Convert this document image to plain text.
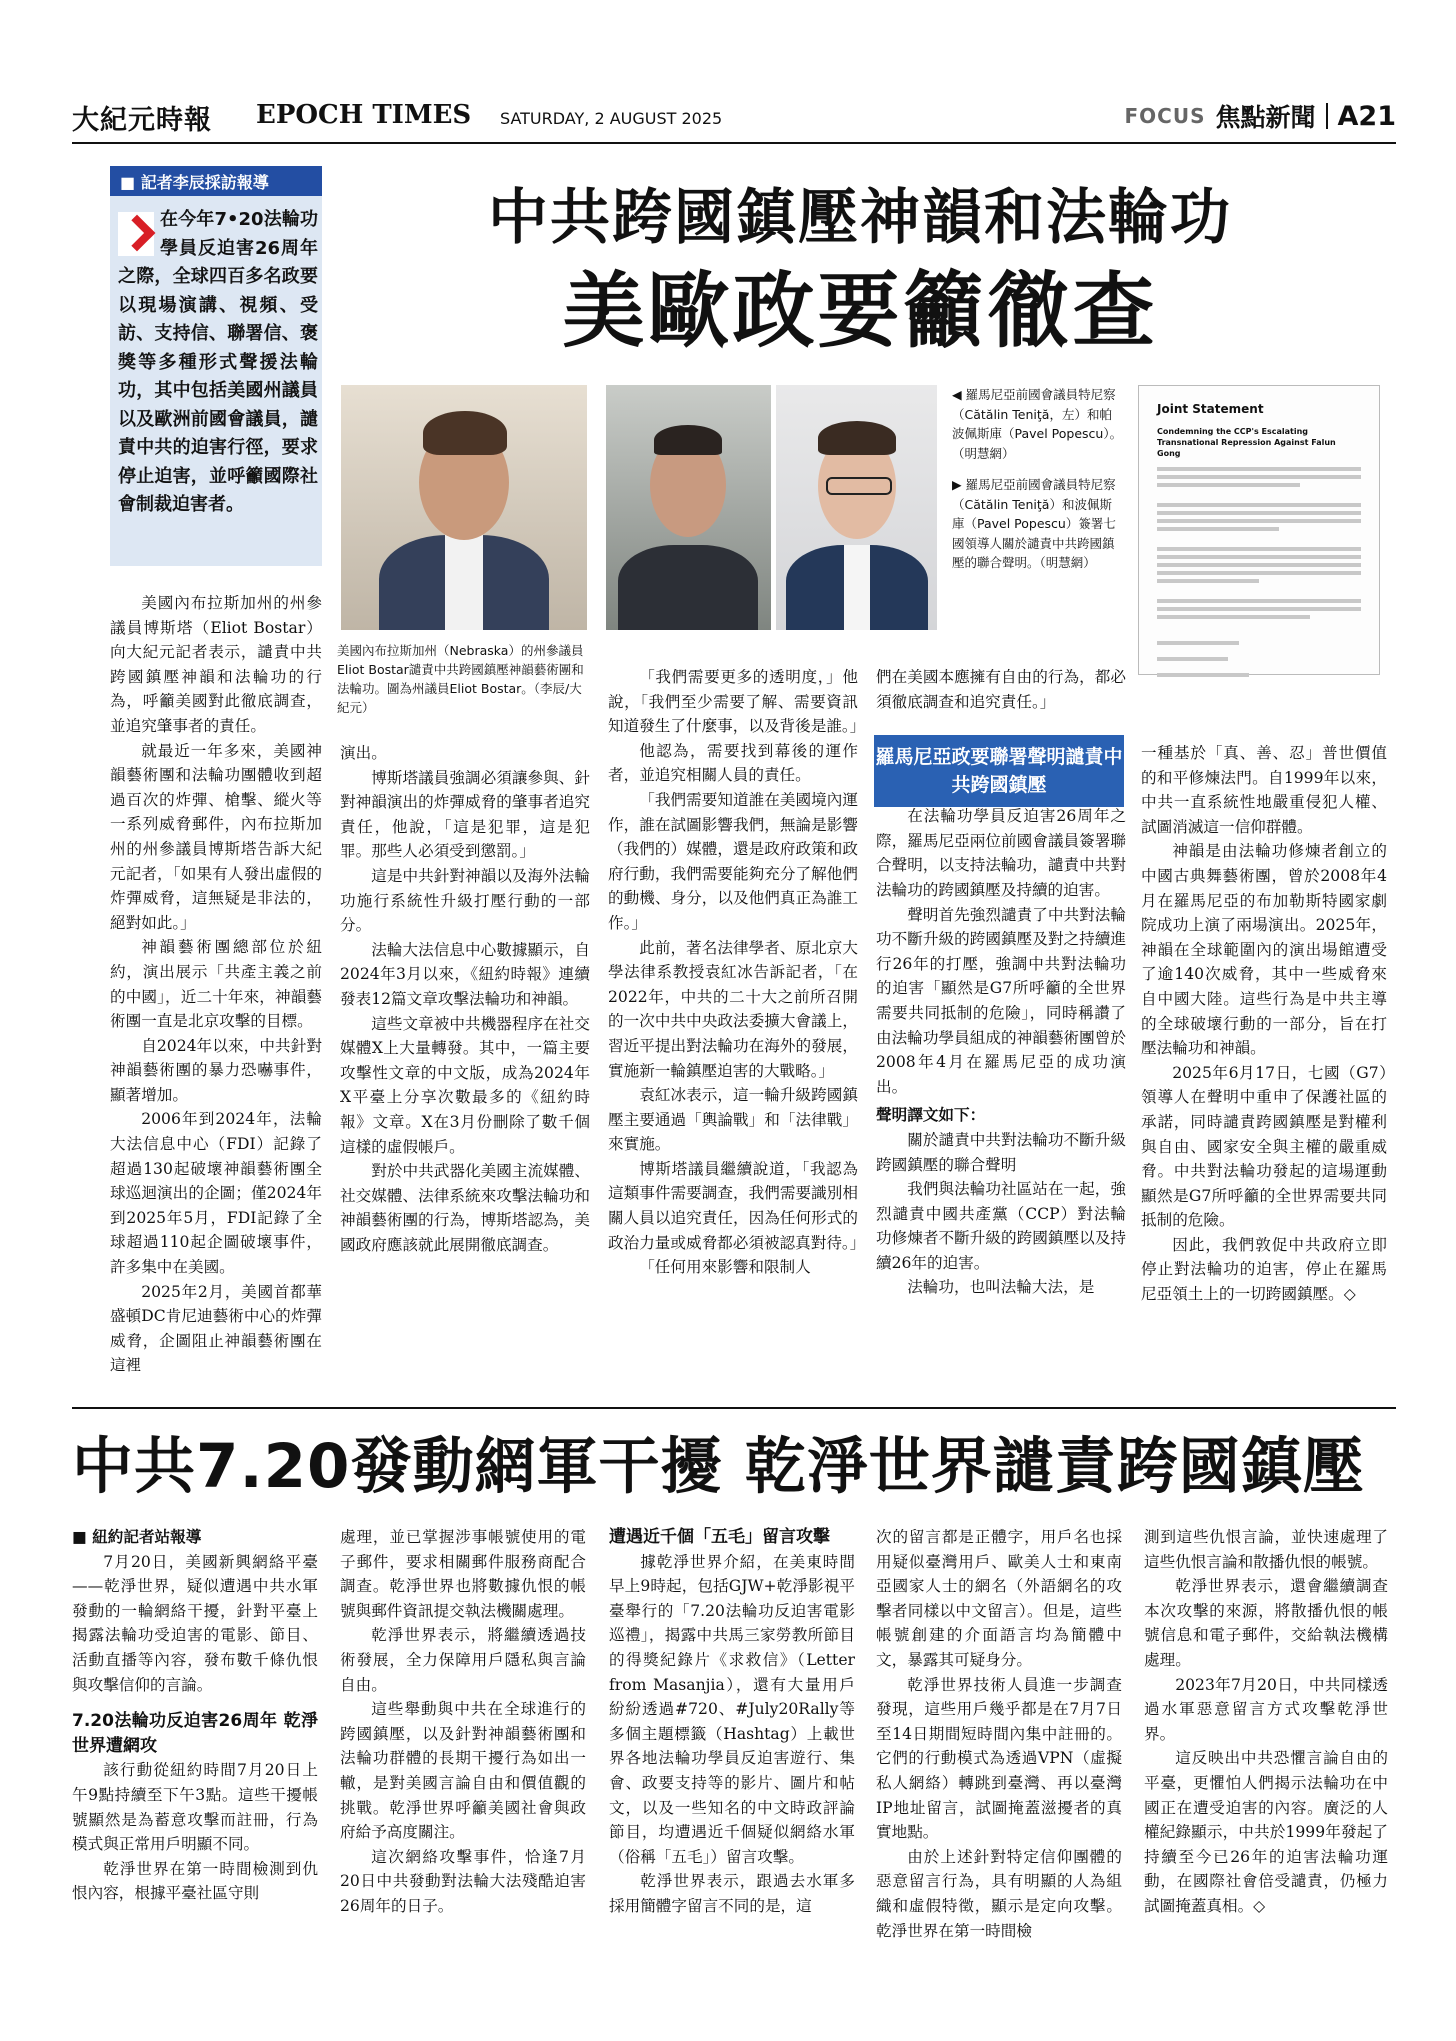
大紀元時報 EPOCH TIMES SATURDAY, 2 AUGUST 2025	FOCUS 焦點新聞 A21
■ 記者李辰採訪報導
在今年7•20法輪功學員反迫害26周年之際，全球四百多名政要以現場演講、視頻、受訪、支持信、聯署信、褒獎等多種形式聲援法輪功，其中包括美國州議員以及歐洲前國會議員，譴責中共的迫害行徑，要求停止迫害，並呼籲國際社會制裁迫害者。
中共跨國鎮壓神韻和法輪功
美歐政要籲徹查
Joint Statement
Condemning the CCP's Escalating Transnational Repression Against Falun Gong
美國內布拉斯加州（Nebraska）的州參議員Eliot Bostar譴責中共跨國鎮壓神韻藝術團和法輪功。圖為州議員Eliot Bostar。（李辰/大紀元）
◀ 羅馬尼亞前國會議員特尼察（Cătălin Teniţă，左）和帕波佩斯庫（Pavel Popescu）。（明慧網）
▶ 羅馬尼亞前國會議員特尼察（Cătălin Teniţă）和波佩斯庫（Pavel Popescu）簽署七國領導人關於譴責中共跨國鎮壓的聯合聲明。（明慧網）

美國內布拉斯加州的州參議員博斯塔（Eliot Bostar）向大紀元記者表示，譴責中共跨國鎮壓神韻和法輪功的行為，呼籲美國對此徹底調查，並追究肇事者的責任。

就最近一年多來，美國神韻藝術團和法輪功團體收到超過百次的炸彈、槍擊、縱火等一系列威脅郵件，內布拉斯加州的州參議員博斯塔告訴大紀元記者，「如果有人發出虛假的炸彈威脅，這無疑是非法的，絕對如此。」

神韻藝術團總部位於紐約，演出展示「共產主義之前的中國」，近二十年來，神韻藝術團一直是北京攻擊的目標。

自2024年以來，中共針對神韻藝術團的暴力恐嚇事件，顯著增加。

2006年到2024年，法輪大法信息中心（FDI）記錄了超過130起破壞神韻藝術團全球巡迴演出的企圖；僅2024年到2025年5月，FDI記錄了全球超過110起企圖破壞事件，許多集中在美國。

2025年2月，美國首都華盛頓DC肯尼迪藝術中心的炸彈威脅，企圖阻止神韻藝術團在這裡

演出。

博斯塔議員強調必須讓參與、針對神韻演出的炸彈威脅的肇事者追究責任，他說，「這是犯罪，這是犯罪。那些人必須受到懲罰。」

這是中共針對神韻以及海外法輪功施行系統性升級打壓行動的一部分。

法輪大法信息中心數據顯示，自2024年3月以來，《紐約時報》連續發表12篇文章攻擊法輪功和神韻。

這些文章被中共機器程序在社交媒體X上大量轉發。其中，一篇主要攻擊性文章的中文版，成為2024年X平臺上分享次數最多的《紐約時報》文章。X在3月份刪除了數千個這樣的虛假帳戶。

對於中共武器化美國主流媒體、社交媒體、法律系統來攻擊法輪功和神韻藝術團的行為，博斯塔認為，美國政府應該就此展開徹底調查。

「我們需要更多的透明度，」他說，「我們至少需要了解、需要資訊知道發生了什麼事，以及背後是誰。」

他認為，需要找到幕後的運作者，並追究相關人員的責任。

「我們需要知道誰在美國境內運作，誰在試圖影響我們，無論是影響（我們的）媒體，還是政府政策和政府行動，我們需要能夠充分了解他們的動機、身分，以及他們真正為誰工作。」

此前，著名法律學者、原北京大學法律系教授袁紅冰告訴記者，「在2022年，中共的二十大之前所召開的一次中共中央政法委擴大會議上，習近平提出對法輪功在海外的發展，實施新一輪鎮壓迫害的大戰略。」

袁紅冰表示，這一輪升級跨國鎮壓主要通過「輿論戰」和「法律戰」來實施。

博斯塔議員繼續說道，「我認為這類事件需要調查，我們需要識別相關人員以追究責任，因為任何形式的政治力量或威脅都必須被認真對待。」

「任何用來影響和限制人

們在美國本應擁有自由的行為，都必須徹底調查和追究責任。」

在法輪功學員反迫害26周年之際，羅馬尼亞兩位前國會議員簽署聯合聲明，以支持法輪功，譴責中共對法輪功的跨國鎮壓及持續的迫害。

聲明首先強烈譴責了中共對法輪功不斷升級的跨國鎮壓及對之持續進行26年的打壓，強調中共對法輪功的迫害「顯然是G7所呼籲的全世界需要共同抵制的危險」，同時稱讚了由法輪功學員組成的神韻藝術團曾於2008年4月在羅馬尼亞的成功演出。

聲明譯文如下：

關於譴責中共對法輪功不斷升級跨國鎮壓的聯合聲明

我們與法輪功社區站在一起，強烈譴責中國共產黨（CCP）對法輪功修煉者不斷升級的跨國鎮壓以及持續26年的迫害。

法輪功，也叫法輪大法，是

羅馬尼亞政要聯署聲明譴責中共跨國鎮壓

一種基於「真、善、忍」普世價值的和平修煉法門。自1999年以來，中共一直系統性地嚴重侵犯人權、試圖消滅這一信仰群體。

神韻是由法輪功修煉者創立的中國古典舞藝術團，曾於2008年4月在羅馬尼亞的布加勒斯特國家劇院成功上演了兩場演出。2025年，神韻在全球範圍內的演出場館遭受了逾140次威脅，其中一些威脅來自中國大陸。這些行為是中共主導的全球破壞行動的一部分，旨在打壓法輪功和神韻。

2025年6月17日，七國（G7）領導人在聲明中重申了保護社區的承諾，同時譴責跨國鎮壓是對權利與自由、國家安全與主權的嚴重威脅。中共對法輪功發起的這場運動顯然是G7所呼籲的全世界需要共同抵制的危險。

因此，我們敦促中共政府立即停止對法輪功的迫害，停止在羅馬尼亞領土上的一切跨國鎮壓。◇

中共7.20發動網軍干擾 乾淨世界譴責跨國鎮壓

■ 紐約記者站報導

7月20日，美國新興網絡平臺——乾淨世界，疑似遭遇中共水軍發動的一輪網絡干擾，針對平臺上揭露法輪功受迫害的電影、節目、活動直播等內容，發布數千條仇恨與攻擊信仰的言論。

7.20法輪功反迫害26周年 乾淨世界遭網攻

該行動從紐約時間7月20日上午9點持續至下午3點。這些干擾帳號顯然是為蓄意攻擊而註冊，行為模式與正常用戶明顯不同。

乾淨世界在第一時間檢測到仇恨內容，根據平臺社區守則

處理，並已掌握涉事帳號使用的電子郵件，要求相關郵件服務商配合調查。乾淨世界也將數據仇恨的帳號與郵件資訊提交執法機關處理。

乾淨世界表示，將繼續透過技術發展，全力保障用戶隱私與言論自由。

這些舉動與中共在全球進行的跨國鎮壓，以及針對神韻藝術團和法輪功群體的長期干擾行為如出一轍，是對美國言論自由和價值觀的挑戰。乾淨世界呼籲美國社會與政府給予高度關注。

這次網絡攻擊事件，恰逢7月20日中共發動對法輪大法殘酷迫害26周年的日子。

遭遇近千個「五毛」留言攻擊

據乾淨世界介紹，在美東時間早上9時起，包括GJW+乾淨影視平臺舉行的「7.20法輪功反迫害電影巡禮」，揭露中共馬三家勞教所節目的得獎紀錄片《求救信》（Letter from Masanjia），還有大量用戶紛紛透過#720、#July20Rally等多個主題標籤（Hashtag）上載世界各地法輪功學員反迫害遊行、集會、政要支持等的影片、圖片和帖文，以及一些知名的中文時政評論節目，均遭遇近千個疑似網絡水軍（俗稱「五毛」）留言攻擊。

乾淨世界表示，跟過去水軍多採用簡體字留言不同的是，這

次的留言都是正體字，用戶名也採用疑似臺灣用戶、歐美人士和東南亞國家人士的網名（外語網名的攻擊者同樣以中文留言）。但是，這些帳號創建的介面語言均為簡體中文，暴露其可疑身分。

乾淨世界技術人員進一步調查發現，這些用戶幾乎都是在7月7日至14日期間短時間內集中註冊的。它們的行動模式為透過VPN（虛擬私人網絡）轉跳到臺灣、再以臺灣IP地址留言，試圖掩蓋滋擾者的真實地點。

由於上述針對特定信仰團體的惡意留言行為，具有明顯的人為組織和虛假特徵，顯示是定向攻擊。乾淨世界在第一時間檢

測到這些仇恨言論，並快速處理了這些仇恨言論和散播仇恨的帳號。

乾淨世界表示，還會繼續調查本次攻擊的來源，將散播仇恨的帳號信息和電子郵件，交給執法機構處理。

2023年7月20日，中共同樣透過水軍惡意留言方式攻擊乾淨世界。

這反映出中共恐懼言論自由的平臺，更懼怕人們揭示法輪功在中國正在遭受迫害的內容。廣泛的人權紀錄顯示，中共於1999年發起了持續至今已26年的迫害法輪功運動，在國際社會倍受譴責，仍極力試圖掩蓋真相。◇
